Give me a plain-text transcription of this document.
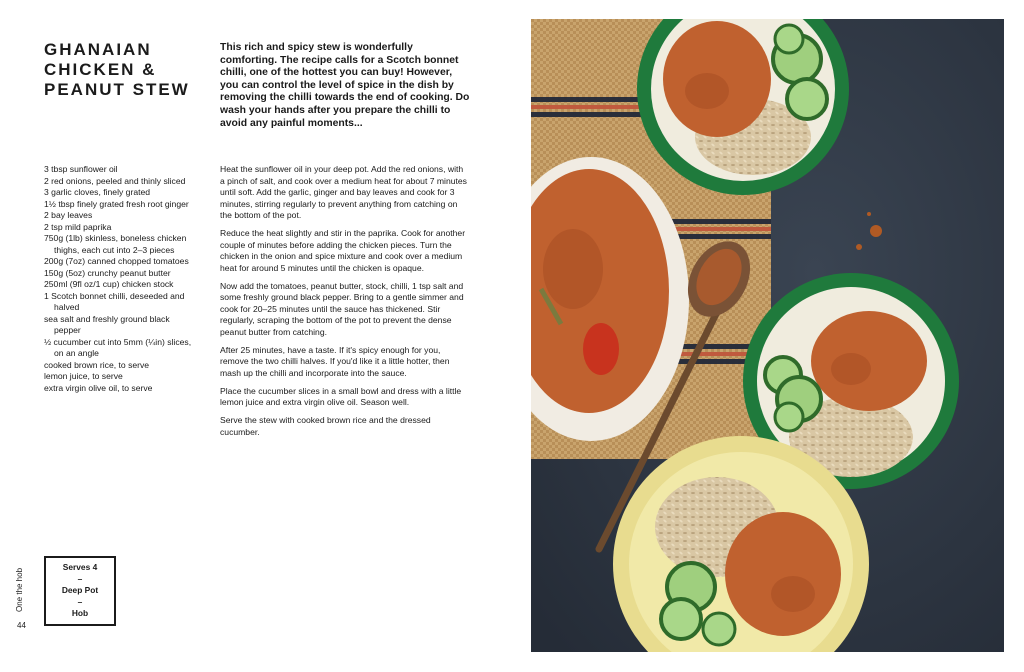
GHANAIAN
CHICKEN &
PEANUT STEW
This rich and spicy stew is wonderfully comforting. The recipe calls for a Scotch bonnet chilli, one of the hottest you can buy! However, you can control the level of spice in the dish by removing the chilli towards the end of cooking. Do wash your hands after you prepare the chilli to avoid any painful moments...
3 tbsp sunflower oil
2 red onions, peeled and thinly sliced
3 garlic cloves, finely grated
1½ tbsp finely grated fresh root ginger
2 bay leaves
2 tsp mild paprika
750g (1lb) skinless, boneless chicken
thighs, each cut into 2–3 pieces
200g (7oz) canned chopped tomatoes
150g (5oz) crunchy peanut butter
250ml (9fl oz/1 cup) chicken stock
1 Scotch bonnet chilli, deseeded and
halved
sea salt and freshly ground black
pepper
½ cucumber cut into 5mm (¼in) slices,
on an angle
cooked brown rice, to serve
lemon juice, to serve
extra virgin olive oil, to serve

Heat the sunflower oil in your deep pot. Add the red onions, with a pinch of salt, and cook over a medium heat for about 7 minutes until soft. Add the garlic, ginger and bay leaves and cook for 3 minutes, stirring regularly to prevent anything from catching on the bottom of the pot.

Reduce the heat slightly and stir in the paprika. Cook for another couple of minutes before adding the chicken pieces. Turn the chicken in the onion and spice mixture and cook over a medium heat for around 5 minutes until the chicken is opaque.

Now add the tomatoes, peanut butter, stock, chilli, 1 tsp salt and some freshly ground black pepper. Bring to a gentle simmer and cook for 20–25 minutes until the sauce has thickened. Stir regularly, scraping the bottom of the pot to prevent the dense peanut butter from catching.

After 25 minutes, have a taste. If it's spicy enough for you, remove the two chilli halves. If you'd like it a little hotter, then mash up the chilli and incorporate into the sauce.

Place the cucumber slices in a small bowl and dress with a little lemon juice and extra virgin olive oil. Season well.

Serve the stew with cooked brown rice and the dressed cucumber.

Serves 4
–
Deep Pot
–
Hob
One the hob
44
